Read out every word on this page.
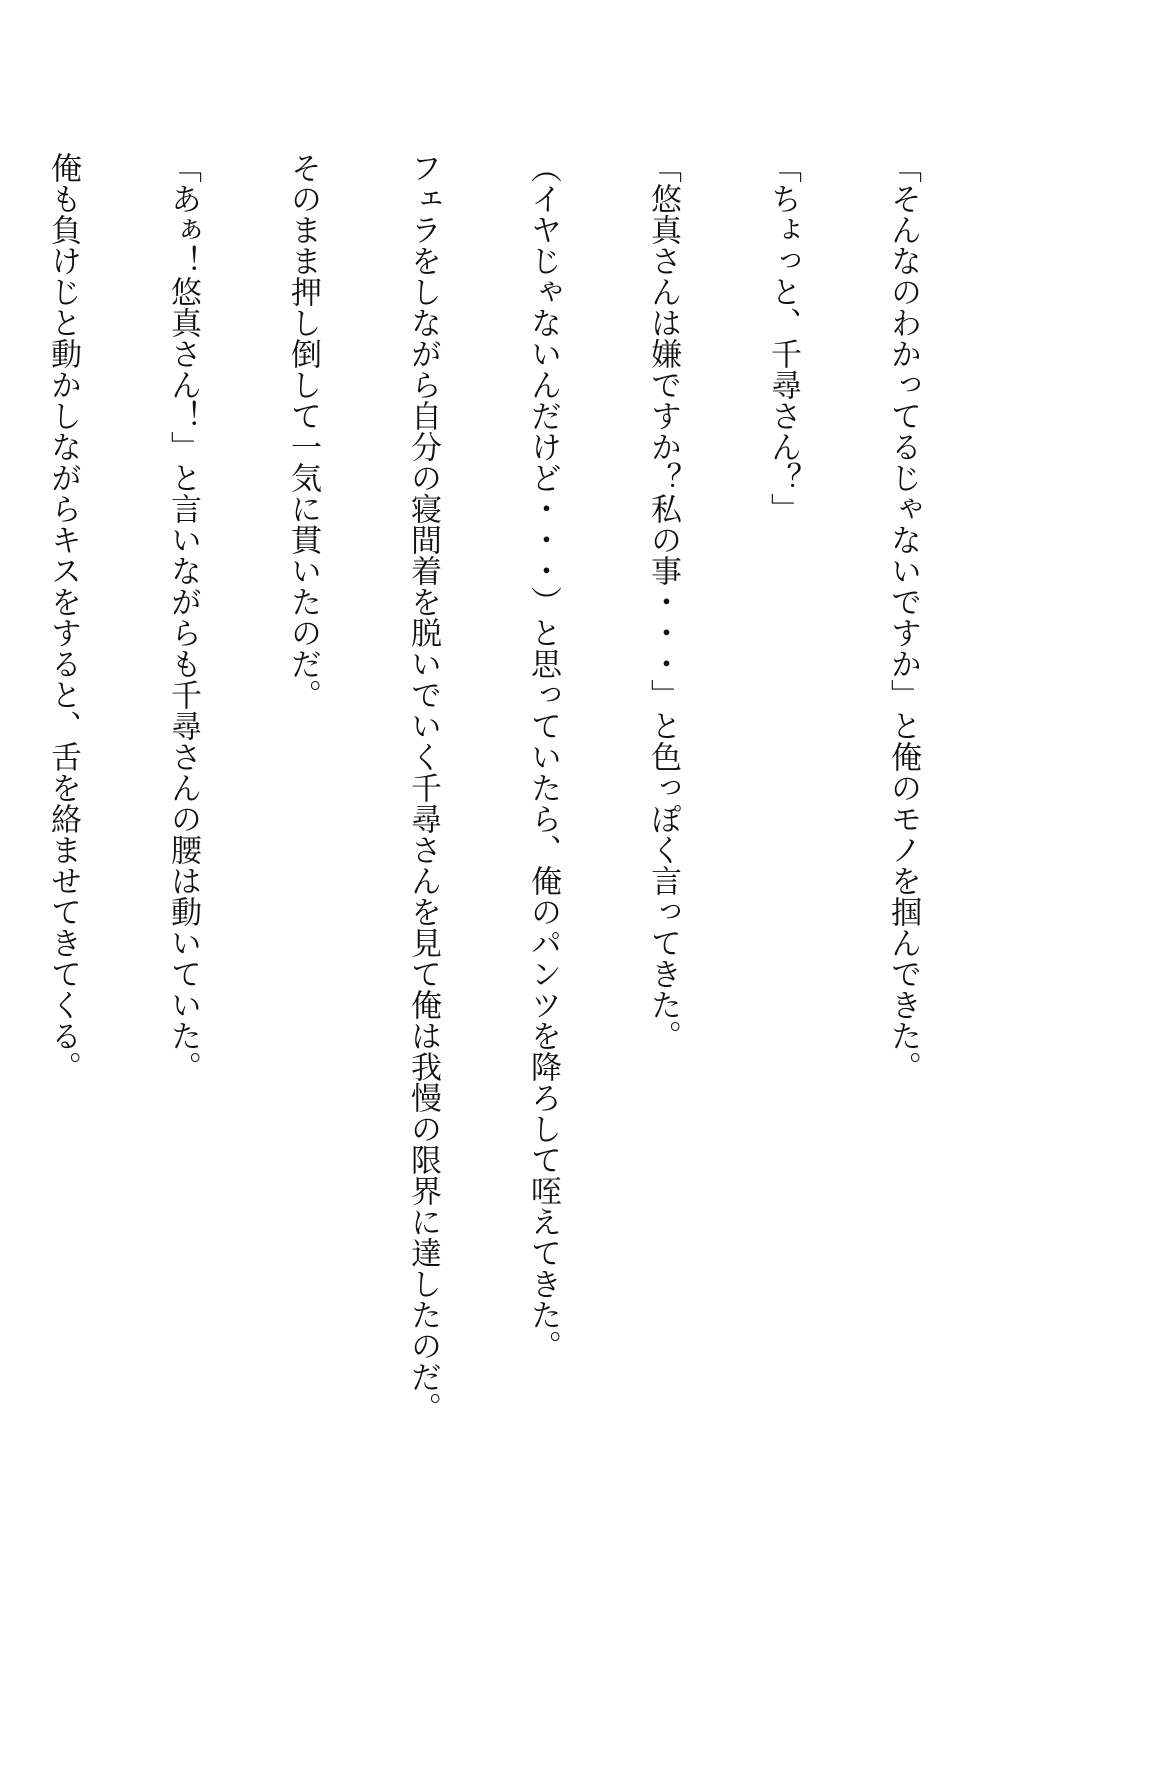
「そんなのわかってるじゃないですか」と俺のモノを掴んできた。

「ちょっと、千尋さん？」

「悠真さんは嫌ですか？私の事・・・」と色っぽく言ってきた。

（イヤじゃないんだけど・・・）と思っていたら、俺のパンツを降ろして咥えてきた。

フェラをしながら自分の寝間着を脱いでいく千尋さんを見て俺は我慢の限界に達したのだ。

そのまま押し倒して一気に貫いたのだ。

「あぁ！悠真さん！」と言いながらも千尋さんの腰は動いていた。

俺も負けじと動かしながらキスをすると、舌を絡ませてきてくる。
